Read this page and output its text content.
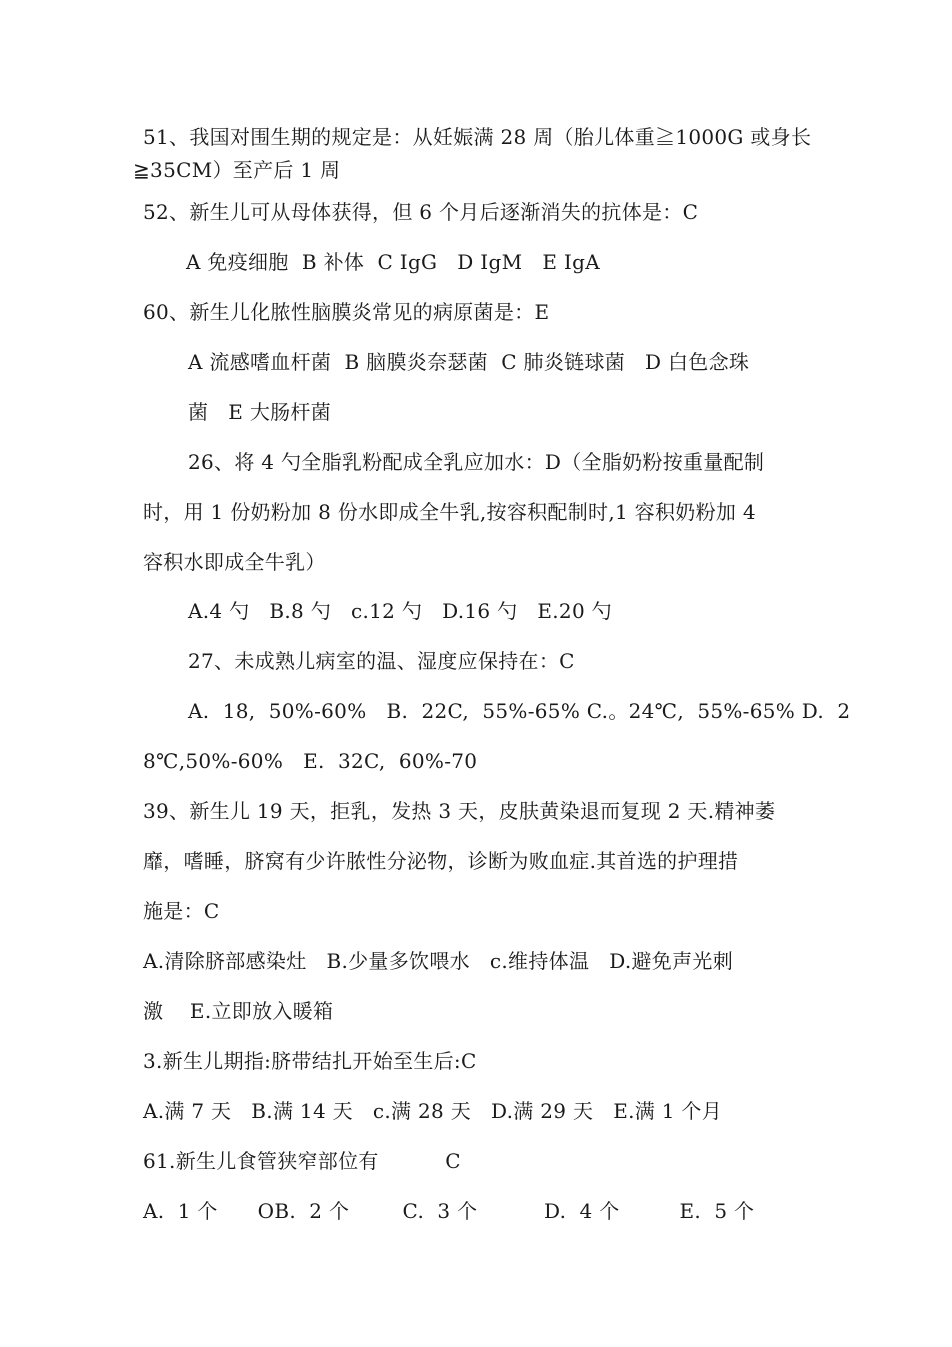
51、我国对围生期的规定是：从妊娠满 28 周（胎儿体重≧1000G 或身长
≧35CM）至产后 1 周
52、新生儿可从母体获得，但 6 个月后逐渐消失的抗体是：C
A 免疫细胞  B 补体  C IgG   D IgM   E IgA
60、新生儿化脓性脑膜炎常见的病原菌是：E
A 流感嗜血杆菌  B 脑膜炎奈瑟菌  C 肺炎链球菌   D 白色念珠
菌   E 大肠杆菌
26、将 4 勺全脂乳粉配成全乳应加水：D（全脂奶粉按重量配制
时，用 1 份奶粉加 8 份水即成全牛乳,按容积配制时,1 容积奶粉加 4
容积水即成全牛乳）
A.4 勺   B.8 勺   c.12 勺   D.16 勺   E.20 勺
27、未成熟儿病室的温、湿度应保持在：C
A.  18,  50%-60%   B.  22C,  55%-65% C.。24℃,  55%-65% D.  2
8℃,50%-60%   E.  32C,  60%-70
39、新生儿 19 天，拒乳，发热 3 天，皮肤黄染退而复现 2 天.精神萎
靡，嗜睡，脐窝有少许脓性分泌物，诊断为败血症.其首选的护理措
施是：C
A.清除脐部感染灶   B.少量多饮喂水   c.维持体温   D.避免声光刺
激    E.立即放入暖箱
3.新生儿期指:脐带结扎开始至生后:C
A.满 7 天   B.满 14 天   c.满 28 天   D.满 29 天   E.满 1 个月
61.新生儿食管狭窄部位有          C
A.  1 个      OB.  2 个        C.  3 个          D.  4 个         E.  5 个
